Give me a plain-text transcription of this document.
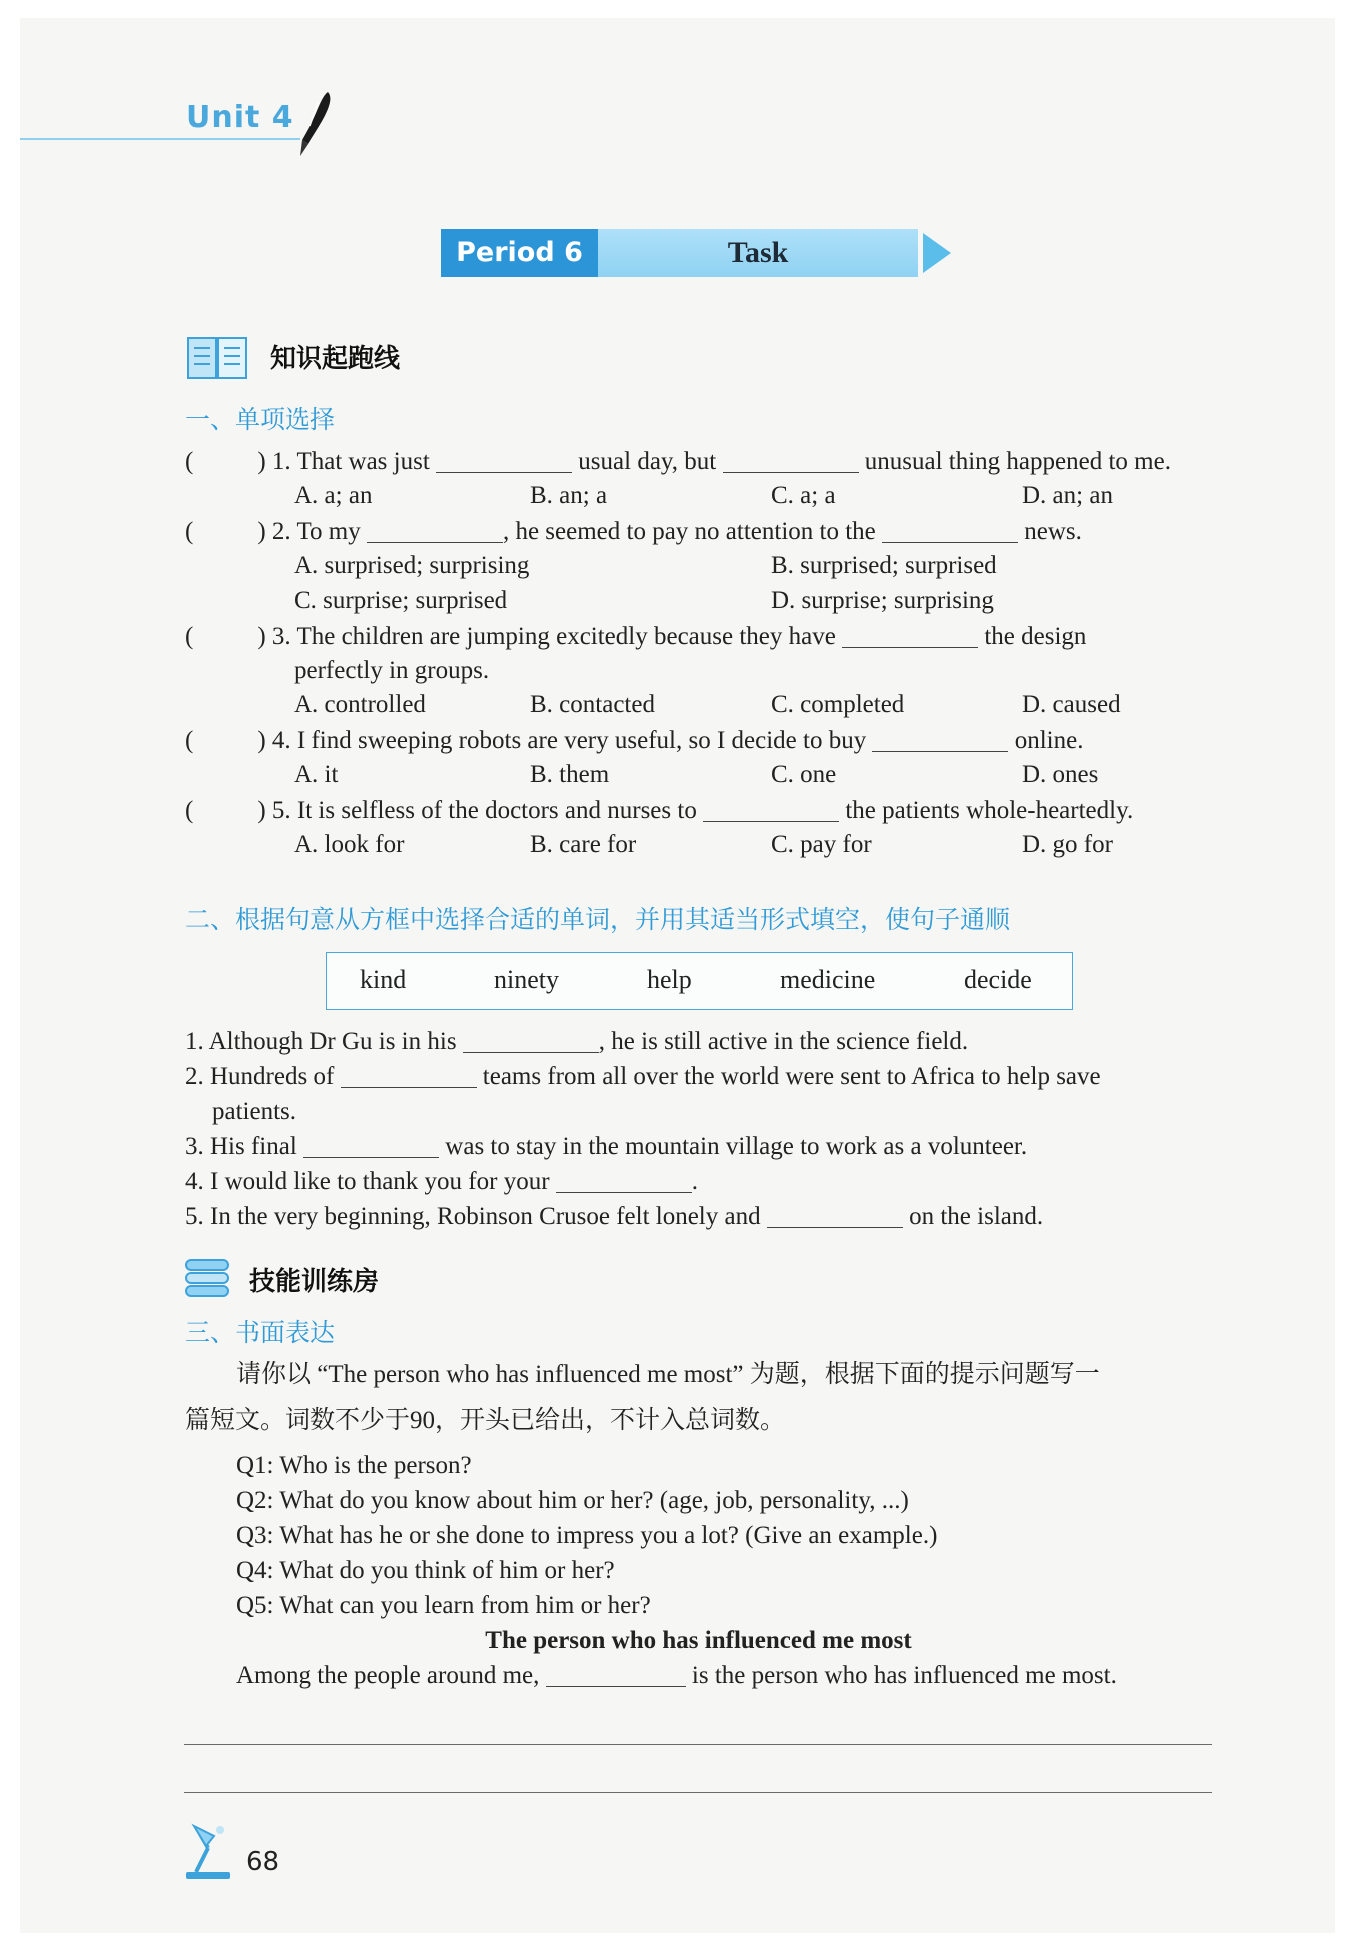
Unit 4
Period 6	Task
知识起跑线
一、单项选择
(	) 1. That was just	usual day, but	unusual thing happened to me.
A. a; an	B. an; a	C. a; a	D. an; an
(	) 2. To my	, he seemed to pay no attention to the	news.
A. surprised; surprising	B. surprised; surprised
C. surprise; surprised	D. surprise; surprising
(	) 3. The children are jumping excitedly because they have	the design
perfectly in groups.
A. controlled	B. contacted	C. completed	D. caused
(	) 4. I find sweeping robots are very useful, so I decide to buy	online.
A. it	B. them	C. one	D. ones
(	) 5. It is selfless of the doctors and nurses to	the patients whole-heartedly.
A. look for	B. care for	C. pay for	D. go for
二、根据句意从方框中选择合适的单词，并用其适当形式填空，使句子通顺
kind	ninety	help	medicine	decide
1. Although Dr Gu is in his	, he is still active in the science field.
2. Hundreds of	teams from all over the world were sent to Africa to help save
patients.
3. His final	was to stay in the mountain village to work as a volunteer.
4. I would like to thank you for your	.
5. In the very beginning, Robinson Crusoe felt lonely and	on the island.
技能训练房
三、书面表达
请你以 “The person who has influenced me most” 为题，根据下面的提示问题写一
篇短文。词数不少于90，开头已给出，不计入总词数。
Q1: Who is the person?
Q2: What do you know about him or her? (age, job, personality, ...)
Q3: What has he or she done to impress you a lot? (Give an example.)
Q4: What do you think of him or her?
Q5: What can you learn from him or her?
The person who has influenced me most
Among the people around me,	is the person who has influenced me most.
68
